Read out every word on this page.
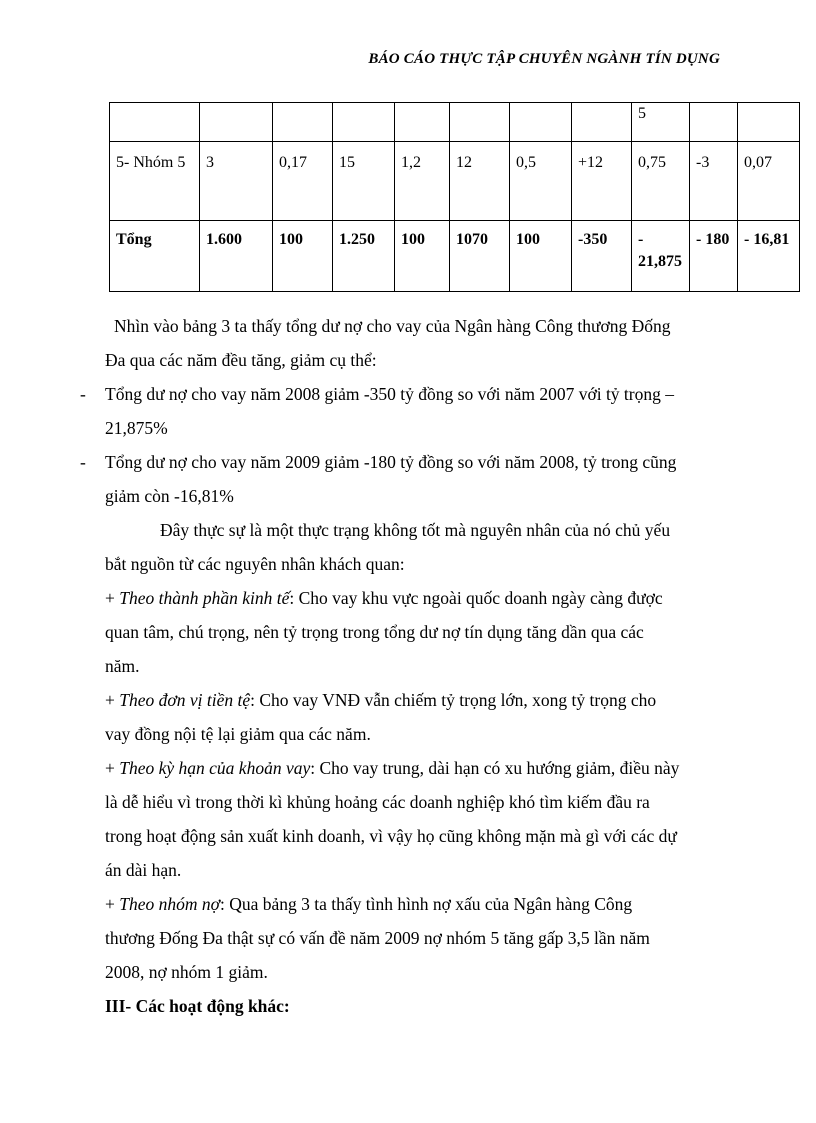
BÁO CÁO THỰC TẬP CHUYÊN NGÀNH TÍN DỤNG
								5		
5- Nhóm 5	3	0,17	15	1,2	12	0,5	+12	0,75	-3	0,07
Tổng	1.600	100	1.250	100	1070	100	-350	- 21,875	- 180	- 16,81
Nhìn vào bảng 3 ta thấy tổng dư nợ cho vay của Ngân hàng Công thương Đống
Đa qua các năm đều tăng, giảm cụ thể:
- Tổng dư nợ cho vay năm 2008 giảm -350 tỷ đồng so với năm 2007 với tỷ trọng –
21,875%
- Tổng dư nợ cho vay năm 2009 giảm -180 tỷ đồng so với năm 2008, tỷ trong cũng
giảm còn -16,81%
Đây thực sự là một thực trạng không tốt mà nguyên nhân của nó chủ yếu
bắt nguồn từ các nguyên nhân khách quan:
+ Theo thành phần kinh tế: Cho vay khu vực ngoài quốc doanh ngày càng được
quan tâm, chú trọng, nên tỷ trọng trong tổng dư nợ tín dụng tăng dần qua các
năm.
+ Theo đơn vị tiền tệ: Cho vay VNĐ vẫn chiếm tỷ trọng lớn, xong tỷ trọng cho
vay đồng nội tệ lại giảm qua các năm.
+ Theo kỳ hạn của khoản vay: Cho vay trung, dài hạn có xu hướng giảm, điều này
là dễ hiểu vì trong thời kì khủng hoảng các doanh nghiệp khó tìm kiếm đầu ra
trong hoạt động sản xuất kinh doanh, vì vậy họ cũng không mặn mà gì với các dự
án dài hạn.
+ Theo nhóm nợ: Qua bảng 3 ta thấy tình hình nợ xấu của Ngân hàng Công
thương Đống Đa thật sự có vấn đề năm 2009 nợ nhóm 5 tăng gấp 3,5 lần năm
2008, nợ nhóm 1 giảm.
III- Các hoạt động khác:
